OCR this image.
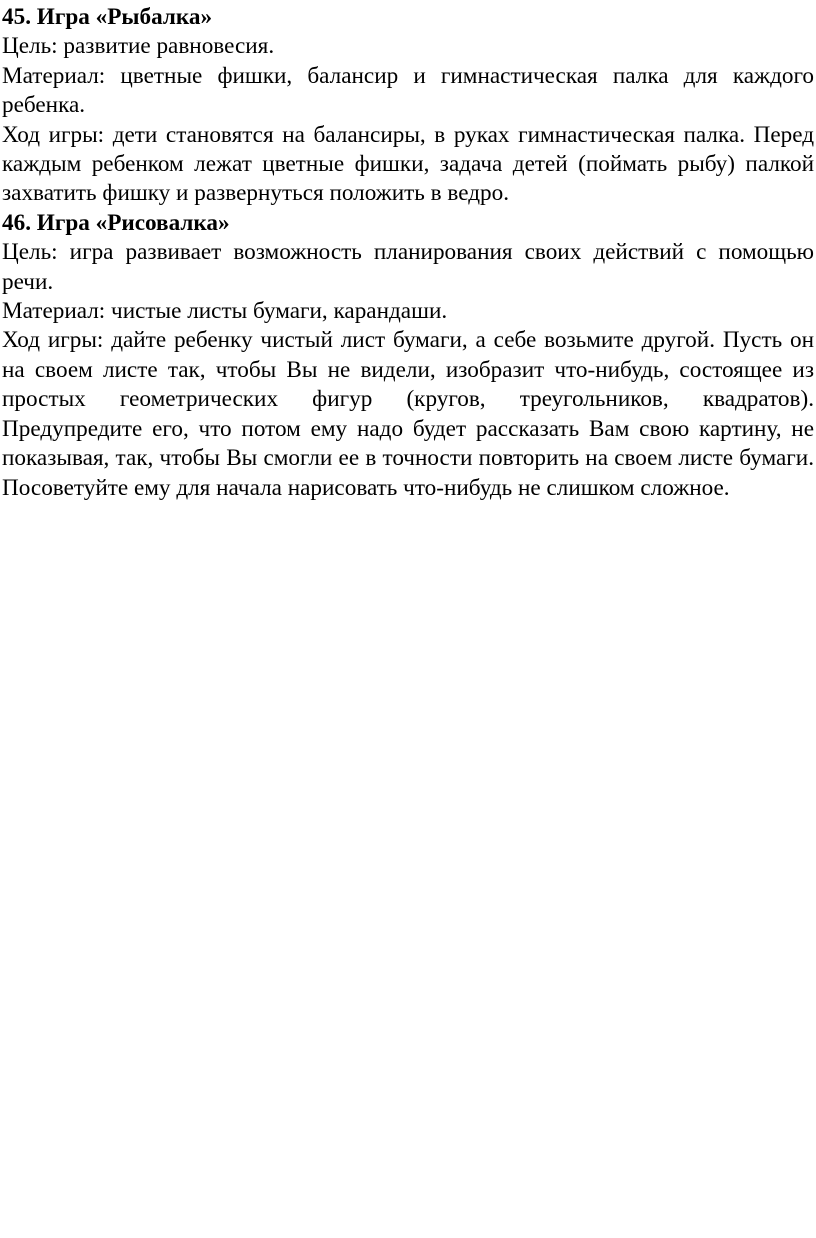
45. Игра «Рыбалка»

Цель: развитие равновесия.

Материал: цветные фишки, балансир и гимнастическая палка для каждого ребенка.

Ход игры: дети становятся на балансиры, в руках гимнастическая палка. Перед каждым ребенком лежат цветные фишки, задача детей (поймать рыбу) палкой захватить фишку и развернуться положить в ведро.

46. Игра «Рисовалка»

Цель: игра развивает возможность планирования своих действий с помощью речи.

Материал: чистые листы бумаги, карандаши.

Ход игры: дайте ребенку чистый лист бумаги, а себе возьмите другой. Пусть он на своем листе так, чтобы Вы не видели, изобразит что-нибудь, состоящее из простых геометрических фигур (кругов, треугольников, квадратов). Предупредите его, что потом ему надо будет рассказать Вам свою картину, не показывая, так, чтобы Вы смогли ее в точности повторить на своем листе бумаги. Посоветуйте ему для начала нарисовать что-нибудь не слишком сложное.
